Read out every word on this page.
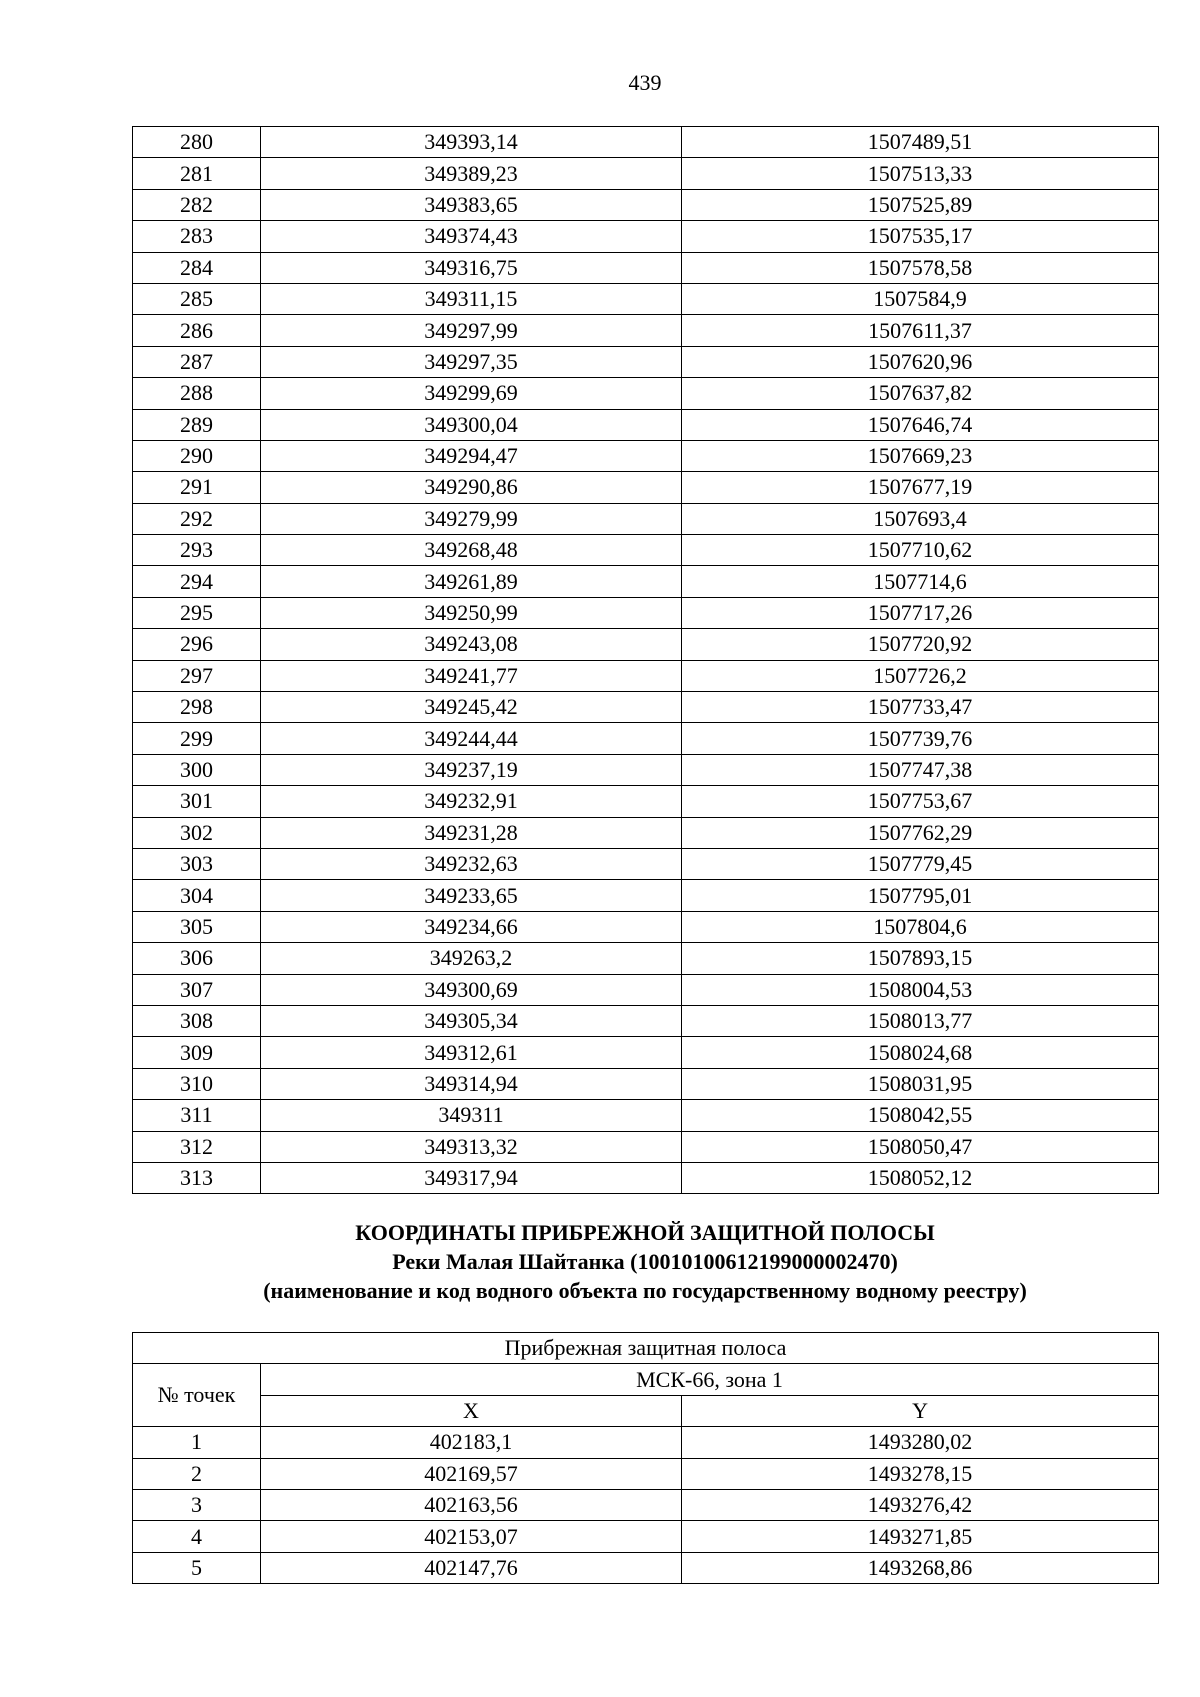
439
280	349393,14	1507489,51
281	349389,23	1507513,33
282	349383,65	1507525,89
283	349374,43	1507535,17
284	349316,75	1507578,58
285	349311,15	1507584,9
286	349297,99	1507611,37
287	349297,35	1507620,96
288	349299,69	1507637,82
289	349300,04	1507646,74
290	349294,47	1507669,23
291	349290,86	1507677,19
292	349279,99	1507693,4
293	349268,48	1507710,62
294	349261,89	1507714,6
295	349250,99	1507717,26
296	349243,08	1507720,92
297	349241,77	1507726,2
298	349245,42	1507733,47
299	349244,44	1507739,76
300	349237,19	1507747,38
301	349232,91	1507753,67
302	349231,28	1507762,29
303	349232,63	1507779,45
304	349233,65	1507795,01
305	349234,66	1507804,6
306	349263,2	1507893,15
307	349300,69	1508004,53
308	349305,34	1508013,77
309	349312,61	1508024,68
310	349314,94	1508031,95
311	349311	1508042,55
312	349313,32	1508050,47
313	349317,94	1508052,12
КООРДИНАТЫ ПРИБРЕЖНОЙ ЗАЩИТНОЙ ПОЛОСЫ
Реки Малая Шайтанка (10010100612199000002470)
(наименование и код водного объекта по государственному водному реестру)
Прибрежная защитная полоса		
№ точек	МСК-66, зона 1	
	X	Y
1	402183,1	1493280,02
2	402169,57	1493278,15
3	402163,56	1493276,42
4	402153,07	1493271,85
5	402147,76	1493268,86
